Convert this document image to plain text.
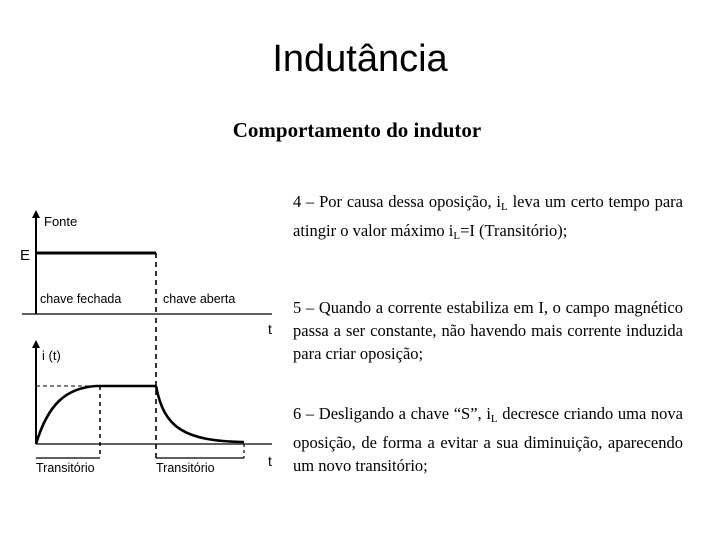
Indutância
Comportamento do indutor
Fonte
E
chave fechada	chave aberta
t
i (t)
Transitório	Transitório	t
4 – Por causa dessa oposição, $i_L$ leva um certo tempo para atingir o valor máximo $i_L=I$ (Transitório);
5 – Quando a corrente estabiliza em I, o campo magnético passa a ser constante, não havendo mais corrente induzida para criar oposição;
6 – Desligando a chave “S”, $i_L$ decresce criando uma nova oposição, de forma a evitar a sua diminuição, aparecendo um novo transitório;
